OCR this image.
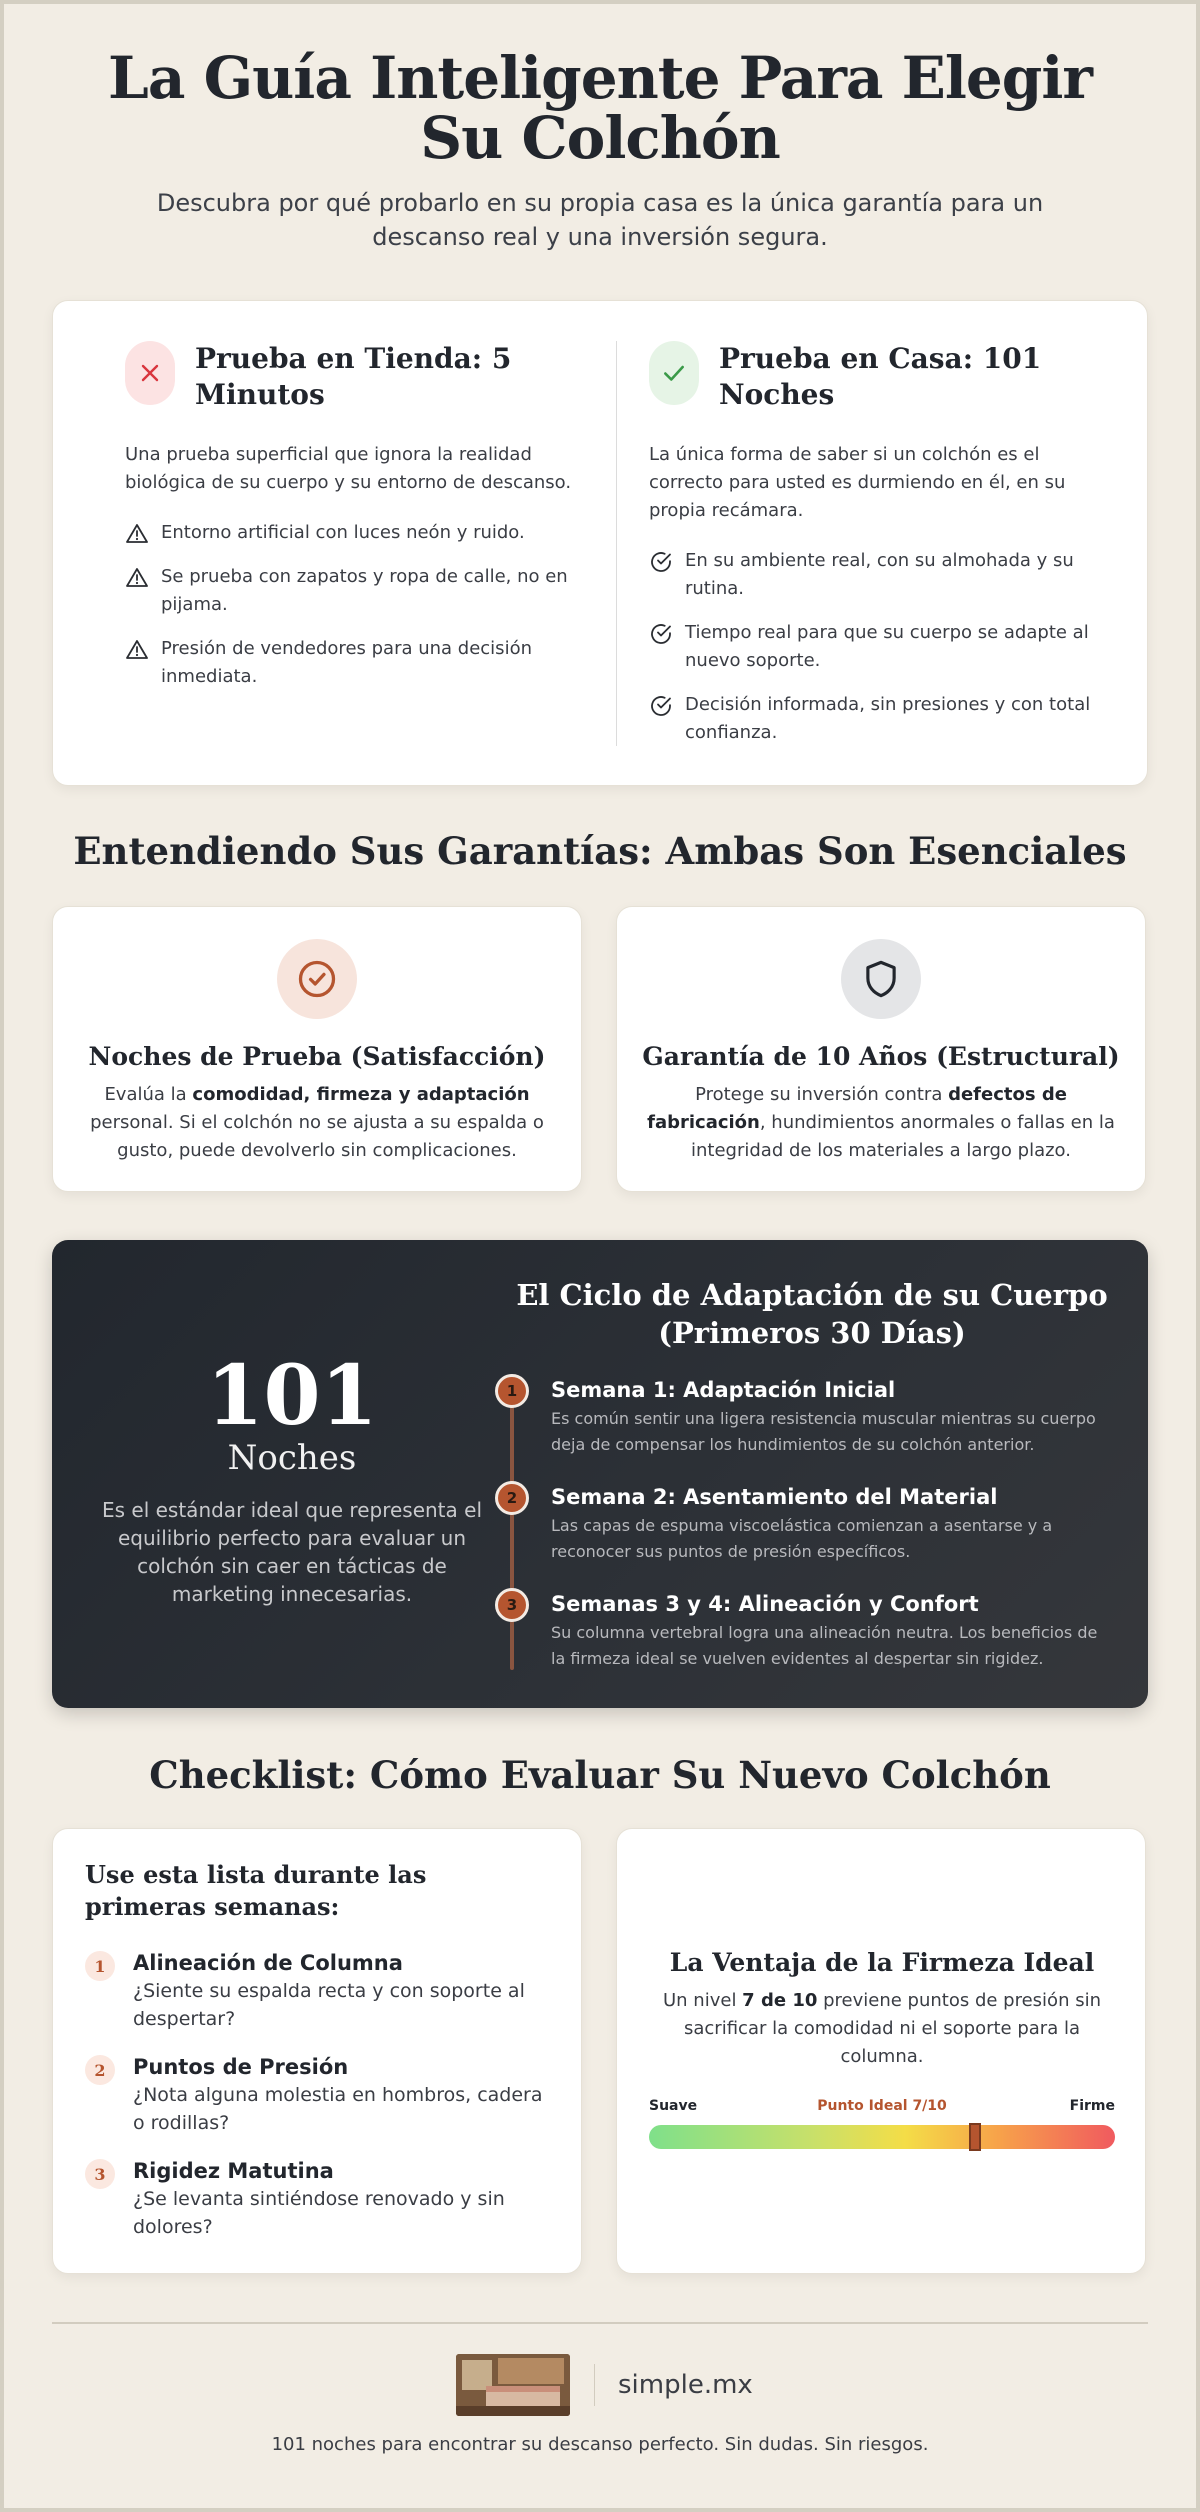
La Guía Inteligente Para Elegir Su Colchón

Descubra por qué probarlo en su propia casa es la única garantía para un descanso real y una inversión segura.

Prueba en Tienda: 5 Minutos

Una prueba superficial que ignora la realidad biológica de su cuerpo y su entorno de descanso.

Entorno artificial con luces neón y ruido.
Se prueba con zapatos y ropa de calle, no en pijama.
Presión de vendedores para una decisión inmediata.
Prueba en Casa: 101 Noches

La única forma de saber si un colchón es el correcto para usted es durmiendo en él, en su propia recámara.

En su ambiente real, con su almohada y su rutina.
Tiempo real para que su cuerpo se adapte al nuevo soporte.
Decisión informada, sin presiones y con total confianza.
Entendiendo Sus Garantías: Ambas Son Esenciales
Noches de Prueba (Satisfacción)

Evalúa la comodidad, firmeza y adaptación personal. Si el colchón no se ajusta a su espalda o gusto, puede devolverlo sin complicaciones.

Garantía de 10 Años (Estructural)

Protege su inversión contra defectos de fabricación, hundimientos anormales o fallas en la integridad de los materiales a largo plazo.

101
Noches

Es el estándar ideal que representa el equilibrio perfecto para evaluar un colchón sin caer en tácticas de marketing innecesarias.

El Ciclo de Adaptación de su Cuerpo (Primeros 30 Días)
1	Semana 1: Adaptación Inicial
Es común sentir una ligera resistencia muscular mientras su cuerpo deja de compensar los hundimientos de su colchón anterior.
2	Semana 2: Asentamiento del Material
Las capas de espuma viscoelástica comienzan a asentarse y a reconocer sus puntos de presión específicos.
3	Semanas 3 y 4: Alineación y Confort
Su columna vertebral logra una alineación neutra. Los beneficios de la firmeza ideal se vuelven evidentes al despertar sin rigidez.
Checklist: Cómo Evaluar Su Nuevo Colchón
Use esta lista durante las primeras semanas:
1	Alineación de Columna
¿Siente su espalda recta y con soporte al despertar?
2	Puntos de Presión
¿Nota alguna molestia en hombros, cadera o rodillas?
3	Rigidez Matutina
¿Se levanta sintiéndose renovado y sin dolores?
La Ventaja de la Firmeza Ideal

Un nivel 7 de 10 previene puntos de presión sin sacrificar la comodidad ni el soporte para la columna.

Suave	Punto Ideal 7/10	Firme
simple.mx

101 noches para encontrar su descanso perfecto. Sin dudas. Sin riesgos.
